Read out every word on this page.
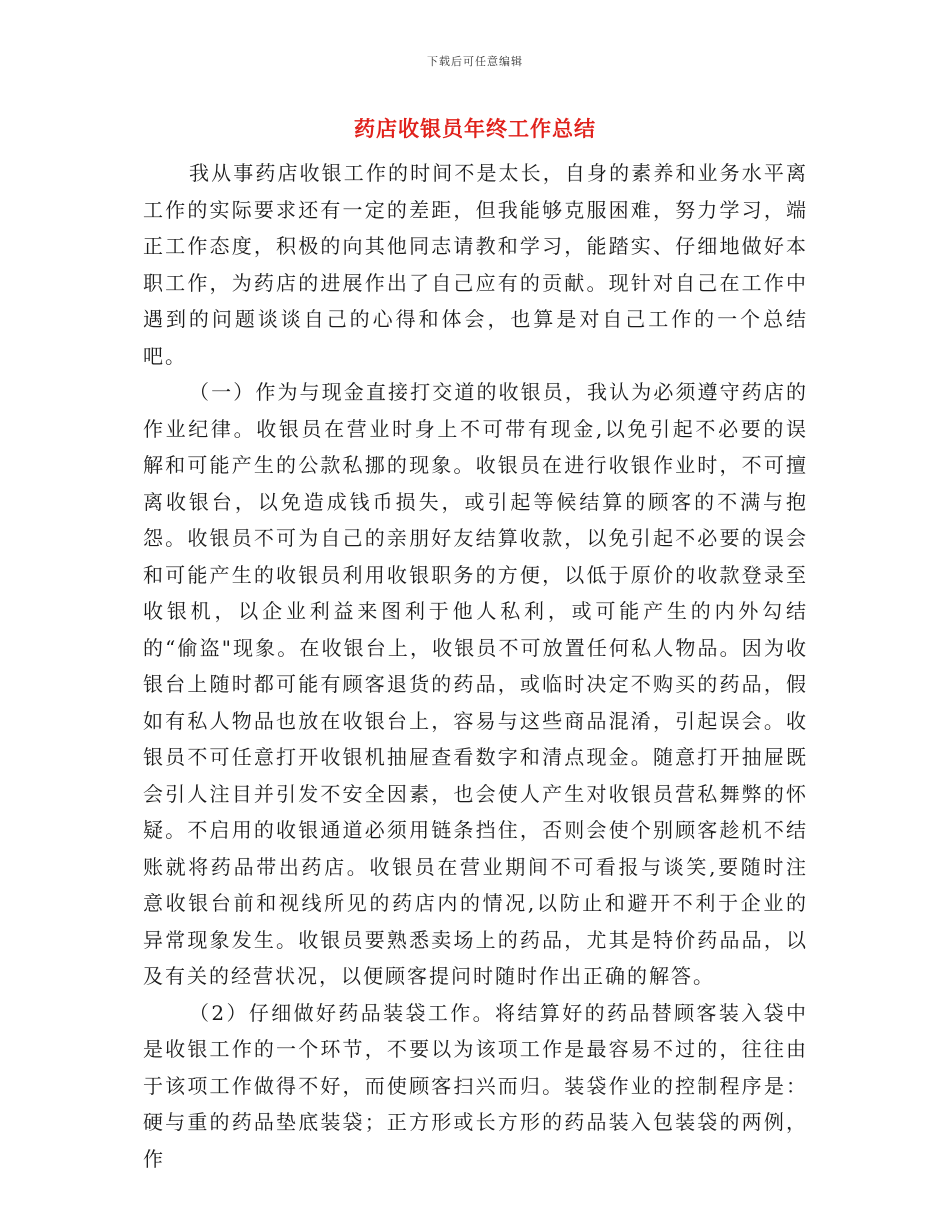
下载后可任意编辑
药店收银员年终工作总结

我从事药店收银工作的时间不是太长，自身的素养和业务水平离工作的实际要求还有一定的差距，但我能够克服困难，努力学习，端正工作态度，积极的向其他同志请教和学习，能踏实、仔细地做好本职工作，为药店的进展作出了自己应有的贡献。现针对自己在工作中遇到的问题谈谈自己的心得和体会，也算是对自己工作的一个总结吧。

（一）作为与现金直接打交道的收银员，我认为必须遵守药店的作业纪律。收银员在营业时身上不可带有现金,以免引起不必要的误解和可能产生的公款私挪的现象。收银员在进行收银作业时，不可擅离收银台，以免造成钱币损失，或引起等候结算的顾客的不满与抱怨。收银员不可为自己的亲朋好友结算收款，以免引起不必要的误会和可能产生的收银员利用收银职务的方便，以低于原价的收款登录至收银机，以企业利益来图利于他人私利，或可能产生的内外勾结的“偷盗"现象。在收银台上，收银员不可放置任何私人物品。因为收银台上随时都可能有顾客退货的药品，或临时决定不购买的药品，假如有私人物品也放在收银台上，容易与这些商品混淆，引起误会。收银员不可任意打开收银机抽屉查看数字和清点现金。随意打开抽屉既会引人注目并引发不安全因素，也会使人产生对收银员营私舞弊的怀疑。不启用的收银通道必须用链条挡住，否则会使个别顾客趁机不结账就将药品带出药店。收银员在营业期间不可看报与谈笑,要随时注意收银台前和视线所见的药店内的情况,以防止和避开不利于企业的异常现象发生。收银员要熟悉卖场上的药品，尤其是特价药品品，以及有关的经营状况，以便顾客提问时随时作出正确的解答。

（2）仔细做好药品装袋工作。将结算好的药品替顾客装入袋中是收银工作的一个环节，不要以为该项工作是最容易不过的，往往由于该项工作做得不好，而使顾客扫兴而归。装袋作业的控制程序是：硬与重的药品垫底装袋；正方形或长方形的药品装入包装袋的两例，作
